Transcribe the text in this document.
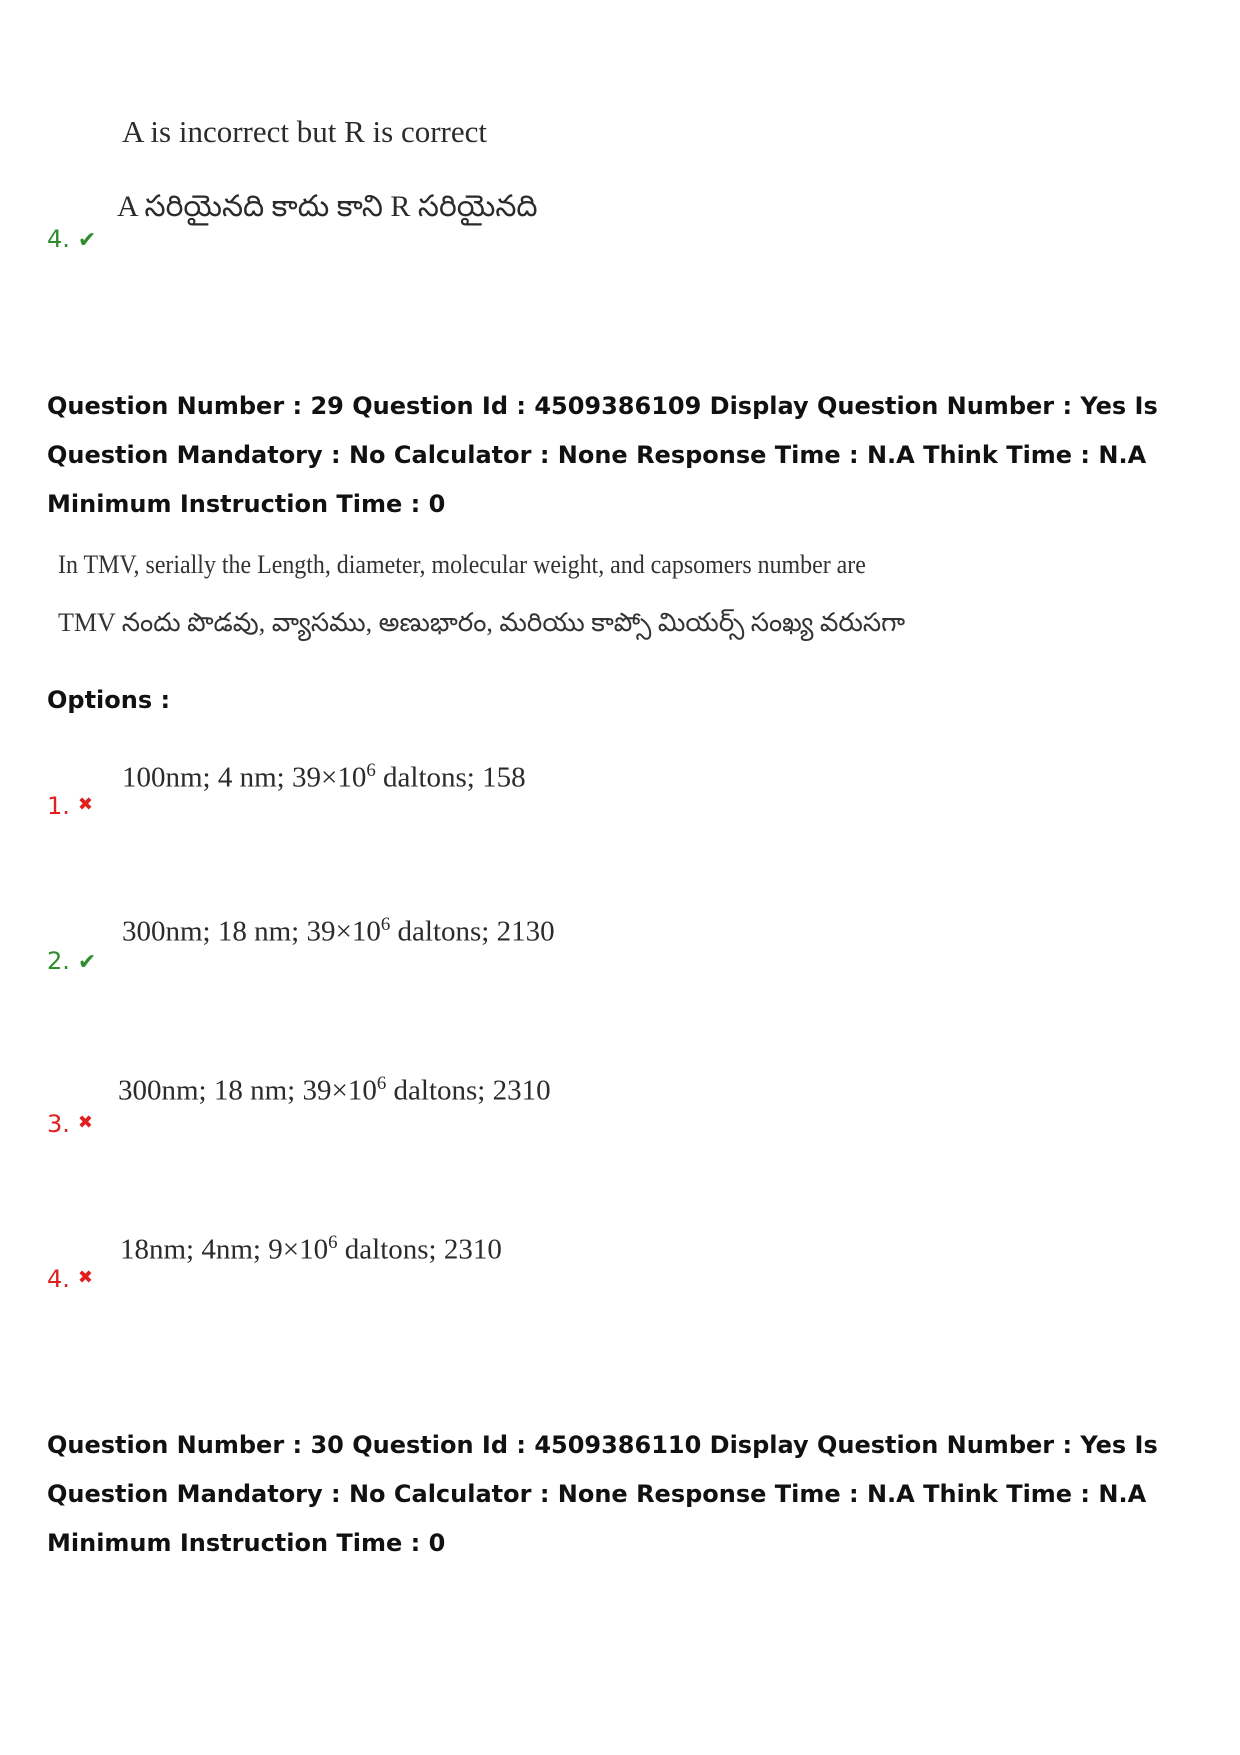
A is incorrect but R is correct
A సరియైనది కాదు కాని R సరియైనది
4. ✔
Question Number : 29 Question Id : 4509386109 Display Question Number : Yes Is Question Mandatory : No Calculator : None Response Time : N.A Think Time : N.A Minimum Instruction Time : 0
In TMV, serially the Length, diameter, molecular weight, and capsomers number are
TMV నందు పొడవు, వ్యాసము, అణుభారం, మరియు కాప్సో మియర్స్ సంఖ్య వరుసగా
Options :
100nm; 4 nm; $39\times 10^6$ daltons; 158
1. ✖
300nm; 18 nm; $39\times 10^6$ daltons; 2130
2. ✔
300nm; 18 nm; $39\times 10^6$ daltons; 2310
3. ✖
18nm; 4nm; $9\times 10^6$ daltons; 2310
4. ✖
Question Number : 30 Question Id : 4509386110 Display Question Number : Yes Is Question Mandatory : No Calculator : None Response Time : N.A Think Time : N.A Minimum Instruction Time : 0
